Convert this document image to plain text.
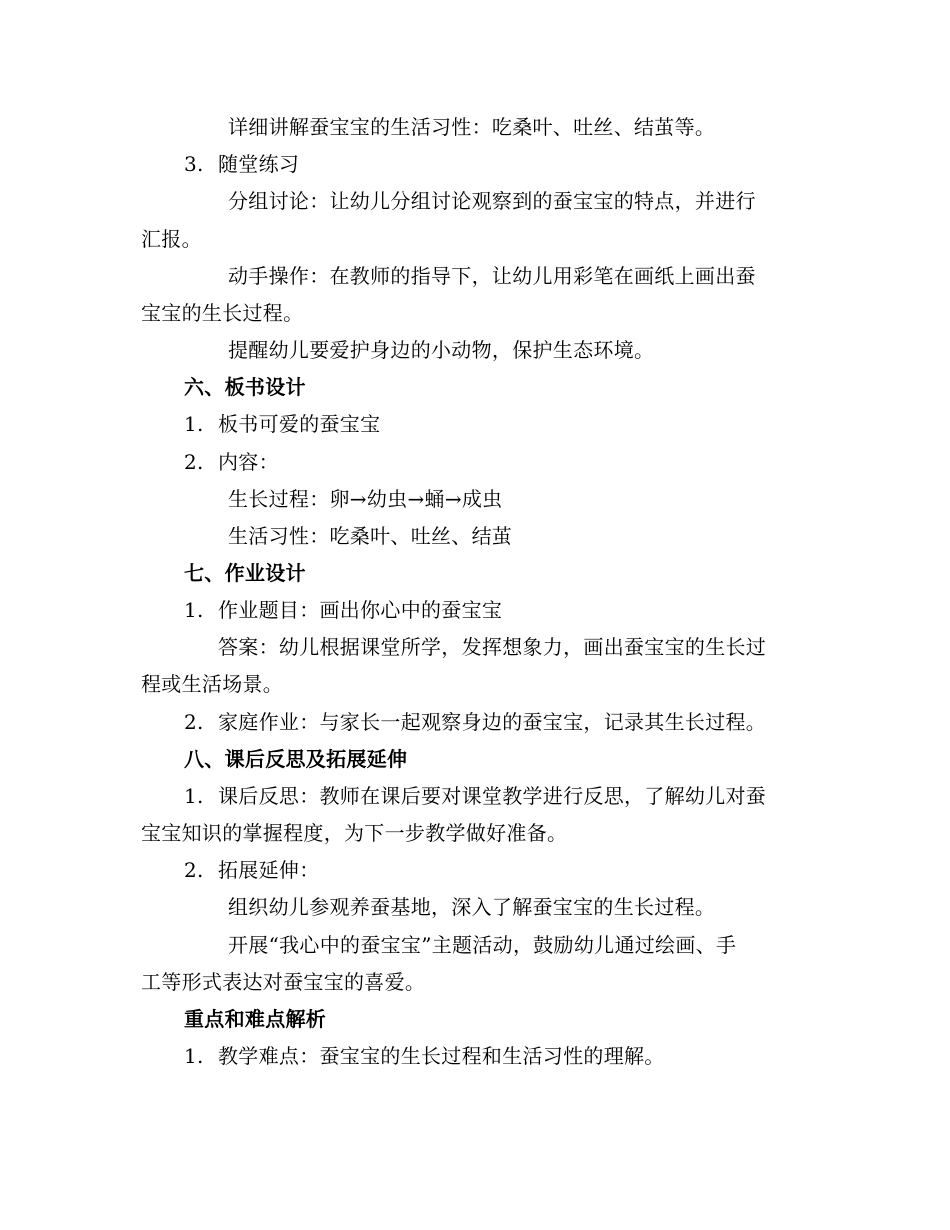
详细讲解蚕宝宝的生活习性：吃桑叶、吐丝、结茧等。
3. 随堂练习
分组讨论：让幼儿分组讨论观察到的蚕宝宝的特点，并进行
汇报。
动手操作：在教师的指导下，让幼儿用彩笔在画纸上画出蚕
宝宝的生长过程。
提醒幼儿要爱护身边的小动物，保护生态环境。
六、板书设计
1. 板书可爱的蚕宝宝
2. 内容：
生长过程：卵→幼虫→蛹→成虫
生活习性：吃桑叶、吐丝、结茧
七、作业设计
1. 作业题目：画出你心中的蚕宝宝
答案：幼儿根据课堂所学，发挥想象力，画出蚕宝宝的生长过
程或生活场景。
2. 家庭作业：与家长一起观察身边的蚕宝宝，记录其生长过程。
八、课后反思及拓展延伸
1. 课后反思：教师在课后要对课堂教学进行反思，了解幼儿对蚕
宝宝知识的掌握程度，为下一步教学做好准备。
2. 拓展延伸：
组织幼儿参观养蚕基地，深入了解蚕宝宝的生长过程。
开展“我心中的蚕宝宝”主题活动，鼓励幼儿通过绘画、手
工等形式表达对蚕宝宝的喜爱。
重点和难点解析
1. 教学难点：蚕宝宝的生长过程和生活习性的理解。
